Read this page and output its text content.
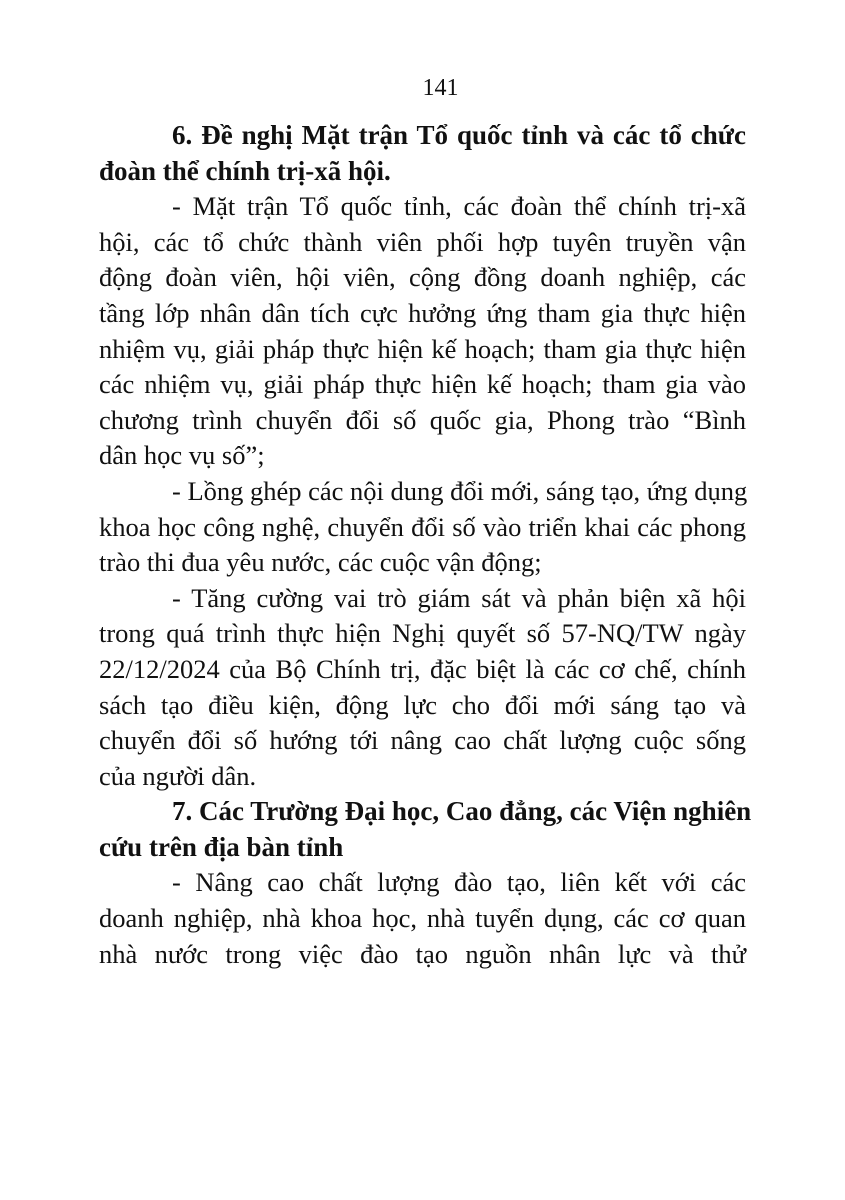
141
6. Đề nghị Mặt trận Tổ quốc tỉnh và các tổ chức
đoàn thể chính trị-xã hội.
- Mặt trận Tổ quốc tỉnh, các đoàn thể chính trị-xã
hội, các tổ chức thành viên phối hợp tuyên truyền vận
động đoàn viên, hội viên, cộng đồng doanh nghiệp, các
tầng lớp nhân dân tích cực hưởng ứng tham gia thực hiện
nhiệm vụ, giải pháp thực hiện kế hoạch; tham gia thực hiện
các nhiệm vụ, giải pháp thực hiện kế hoạch; tham gia vào
chương trình chuyển đổi số quốc gia, Phong trào “Bình
dân học vụ số”;
- Lồng ghép các nội dung đổi mới, sáng tạo, ứng dụng
khoa học công nghệ, chuyển đổi số vào triển khai các phong
trào thi đua yêu nước, các cuộc vận động;
- Tăng cường vai trò giám sát và phản biện xã hội
trong quá trình thực hiện Nghị quyết số 57-NQ/TW ngày
22/12/2024 của Bộ Chính trị, đặc biệt là các cơ chế, chính
sách tạo điều kiện, động lực cho đổi mới sáng tạo và
chuyển đổi số hướng tới nâng cao chất lượng cuộc sống
của người dân.
7. Các Trường Đại học, Cao đẳng, các Viện nghiên
cứu trên địa bàn tỉnh
- Nâng cao chất lượng đào tạo, liên kết với các
doanh nghiệp, nhà khoa học, nhà tuyển dụng, các cơ quan
nhà nước trong việc đào tạo nguồn nhân lực và thử
